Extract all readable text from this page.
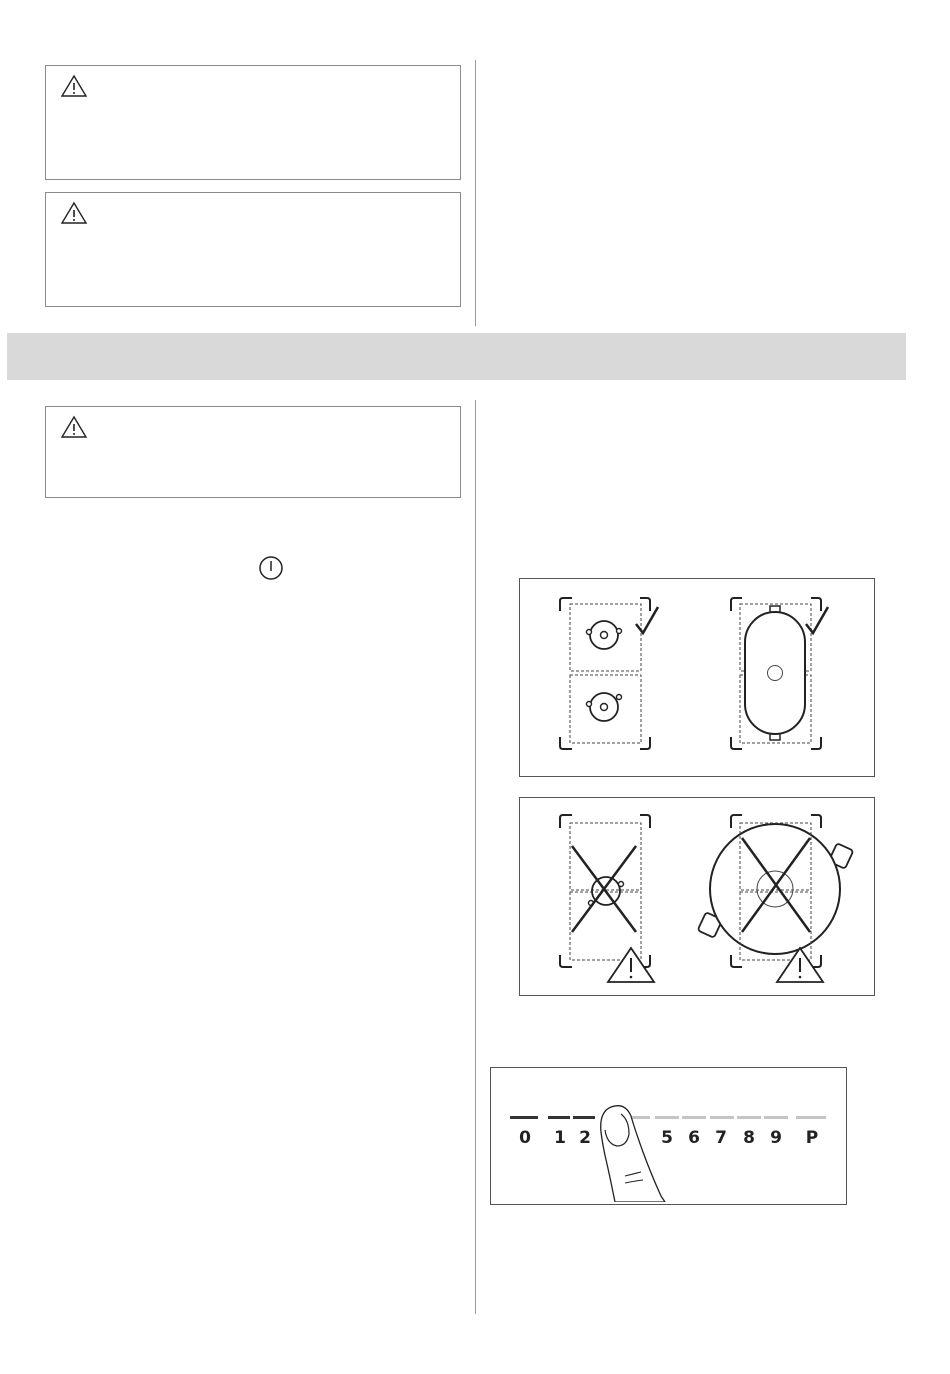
0 1 2	5 6 7 8 9 P
